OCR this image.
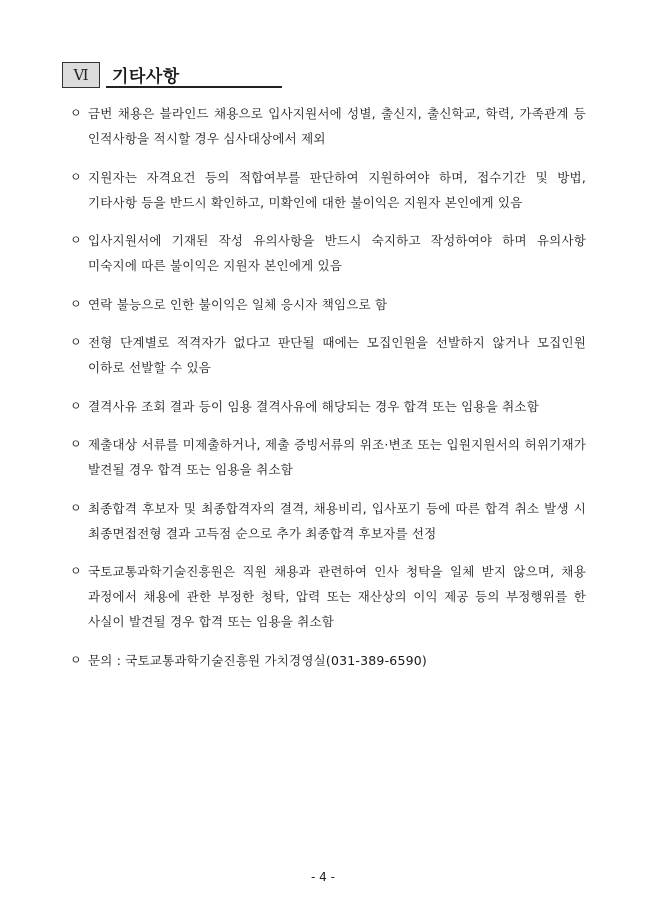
Ⅵ	기타사항
ㅇ 금번 채용은 블라인드 채용으로 입사지원서에 성별, 출신지, 출신학교, 학력, 가족관계 등 인적사항을 적시할 경우 심사대상에서 제외
ㅇ 지원자는 자격요건 등의 적합여부를 판단하여 지원하여야 하며, 접수기간 및 방법, 기타사항 등을 반드시 확인하고, 미확인에 대한 불이익은 지원자 본인에게 있음
ㅇ 입사지원서에 기재된 작성 유의사항을 반드시 숙지하고 작성하여야 하며 유의사항 미숙지에 따른 불이익은 지원자 본인에게 있음
ㅇ 연락 불능으로 인한 불이익은 일체 응시자 책임으로 함
ㅇ 전형 단계별로 적격자가 없다고 판단될 때에는 모집인원을 선발하지 않거나 모집인원 이하로 선발할 수 있음
ㅇ 결격사유 조회 결과 등이 임용 결격사유에 해당되는 경우 합격 또는 임용을 취소함
ㅇ 제출대상 서류를 미제출하거나, 제출 증빙서류의 위조·변조 또는 입원지원서의 허위기재가 발견될 경우 합격 또는 임용을 취소함
ㅇ 최종합격 후보자 및 최종합격자의 결격, 채용비리, 입사포기 등에 따른 합격 취소 발생 시 최종면접전형 결과 고득점 순으로 추가 최종합격 후보자를 선정
ㅇ 국토교통과학기술진흥원은 직원 채용과 관련하여 인사 청탁을 일체 받지 않으며, 채용 과정에서 채용에 관한 부정한 청탁, 압력 또는 재산상의 이익 제공 등의 부정행위를 한 사실이 발견될 경우 합격 또는 임용을 취소함
ㅇ 문의 : 국토교통과학기술진흥원 가치경영실(031-389-6590)
- 4 -
